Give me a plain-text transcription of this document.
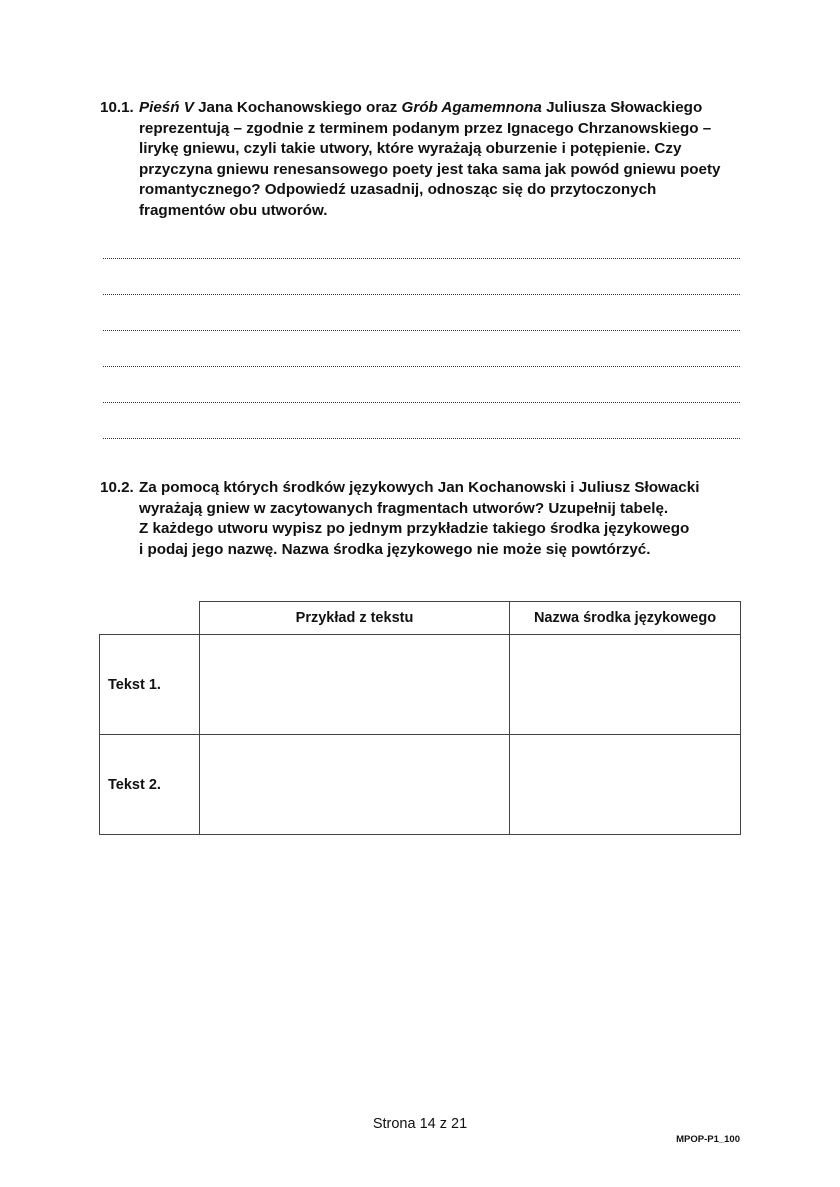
10.1. Pieśń V Jana Kochanowskiego oraz Grób Agamemnona Juliusza Słowackiego
reprezentują – zgodnie z terminem podanym przez Ignacego Chrzanowskiego –
lirykę gniewu, czyli takie utwory, które wyrażają oburzenie i potępienie. Czy
przyczyna gniewu renesansowego poety jest taka sama jak powód gniewu poety
romantycznego? Odpowiedź uzasadnij, odnosząc się do przytoczonych
fragmentów obu utworów.
10.2. Za pomocą których środków językowych Jan Kochanowski i Juliusz Słowacki
wyrażają gniew w zacytowanych fragmentach utworów? Uzupełnij tabelę.
Z każdego utworu wypisz po jednym przykładzie takiego środka językowego
i podaj jego nazwę. Nazwa środka językowego nie może się powtórzyć.
	Przykład z tekstu	Nazwa środka językowego
Tekst 1.		
Tekst 2.		
Strona 14 z 21
MPOP-P1_100
